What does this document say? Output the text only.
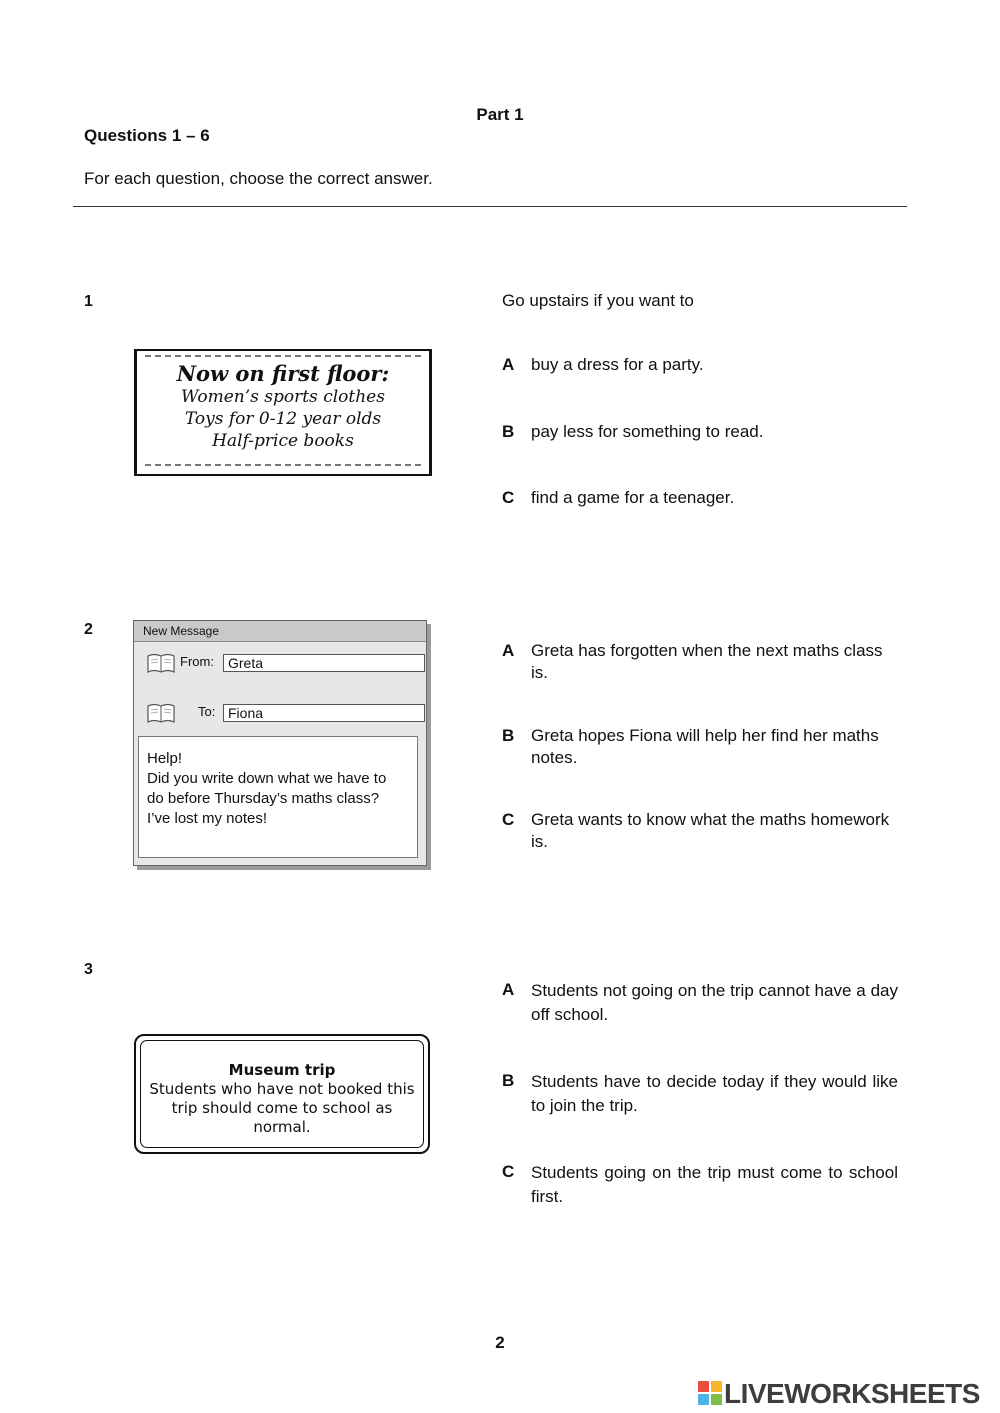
Part 1
Questions 1 – 6
For each question, choose the correct answer.
1	Go upstairs if you want to
Now on first floor:
Women’s sports clothes
Toys for 0-12 year olds
Half-price books
A buy a dress for a party.
B pay less for something to read.
C find a game for a teenager.
2	New Message
From:	Greta
To: Fiona
Help!
Did you write down what we have to
do before Thursday’s maths class?
I’ve lost my notes!
A Greta has forgotten when the next maths class is.
B Greta hopes Fiona will help her find her maths notes.
C Greta wants to know what the maths homework is.
3
Museum trip
Students who have not booked this
trip should come to school as
normal.
A Students not going on the trip cannot have a day off school.
B Students have to decide today if they would like to join the trip.
C Students going on the trip must come to school first.
2
LIVEWORKSHEETS
